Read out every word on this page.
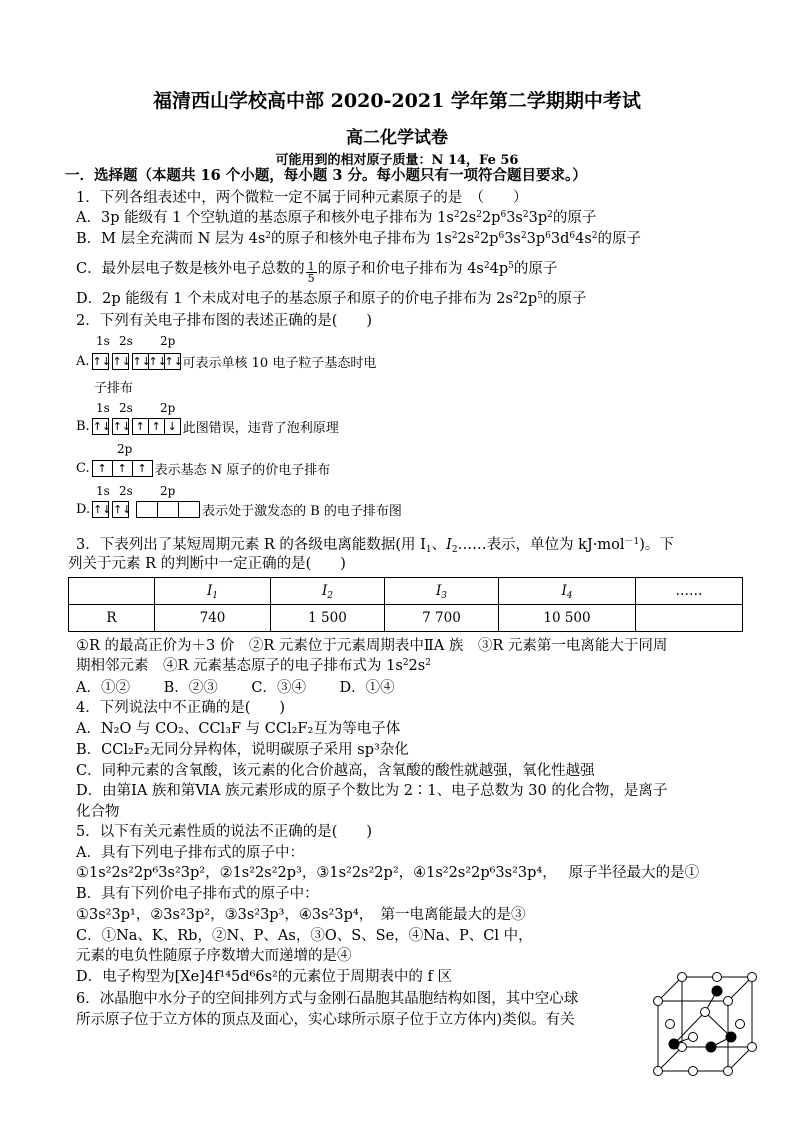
福清西山学校高中部 2020-2021 学年第二学期期中考试
高二化学试卷
可能用到的相对原子质量：N 14，Fe 56
一．选择题（本题共 16 个小题，每小题 3 分。每小题只有一项符合题目要求。）
1．下列各组表述中，两个微粒一定不属于同种元素原子的是　（　　）
A．3p 能级有 1 个空轨道的基态原子和核外电子排布为 $1s^22s^22p^63s^23p^2$的原子
B．M 层全充满而 N 层为 $4s^2$的原子和核外电子排布为 $1s^22s^22p^63s^23p^63d^64s^2$的原子
C．最外层电子数是核外电子总数的 $\frac{1}{5}$ 的原子和价电子排布为 $4s^24p^5$的原子
D．2p 能级有 1 个未成对电子的基态原子和原子的价电子排布为 $2s^22p^5$的原子
2．下列有关电子排布图的表述正确的是(　　)
1s 2s 2p
A. ↑↓ ↑↓ ↑↓
↑↓
↑↓ 可表示单核 10 电子粒子基态时电
子排布
1s 2s 2p
B. ↑↓ ↑↓ ↑ ↑ ↓ 此图错误，违背了泡利原理
2p
C. ↑ ↑ ↑ 表示基态 N 原子的价电子排布
1s 2s 2p
D. ↑↓ ↑↓	表示处于激发态的 B 的电子排布图
3．下表列出了某短周期元素 R 的各级电离能数据(用 $I_1$、$I_2\dots\dots$表示，单位为 kJ·mol$^{-1}$)。下
列关于元素 R 的判断中一定正确的是(　　)
	$I_1$	$I_2$	$I_3$	$I_4$	……
R	740	1 500	7 700	10 500	
①R 的最高正价为＋3 价　②R 元素位于元素周期表中ⅡA 族　③R 元素第一电离能大于同周
期相邻元素　④R 元素基态原子的电子排布式为 $1s^22s^2$
A．①②　　 B．②③　　 C．③④　　 D．①④
4．下列说法中不正确的是(　　)
A．N₂O 与 CO₂、CCl₃F 与 CCl₂F₂互为等电子体
B．CCl₂F₂无同分异构体，说明碳原子采用 sp³杂化
C．同种元素的含氧酸，该元素的化合价越高，含氧酸的酸性就越强，氧化性越强
D．由第ⅠA 族和第ⅥA 族元素形成的原子个数比为 2∶1、电子总数为 30 的化合物，是离子
化合物
5．以下有关元素性质的说法不正确的是(　　)
A．具有下列电子排布式的原子中：
①1s²2s²2p⁶3s²3p²，②1s²2s²2p³，③1s²2s²2p²，④1s²2s²2p⁶3s²3p⁴，　 原子半径最大的是①
B．具有下列价电子排布式的原子中：
①3s²3p¹，②3s²3p²，③3s²3p³，④3s²3p⁴，　第一电离能最大的是③
C．①Na、K、Rb，②N、P、As，③O、S、Se，④Na、P、Cl 中，
元素的电负性随原子序数增大而递增的是④
D．电子构型为[Xe]4f¹⁴5d⁶6s²的元素位于周期表中的 f 区
6．冰晶胞中水分子的空间排列方式与金刚石晶胞其晶胞结构如图，其中空心球
所示原子位于立方体的顶点及面心，实心球所示原子位于立方体内)类似。有关
